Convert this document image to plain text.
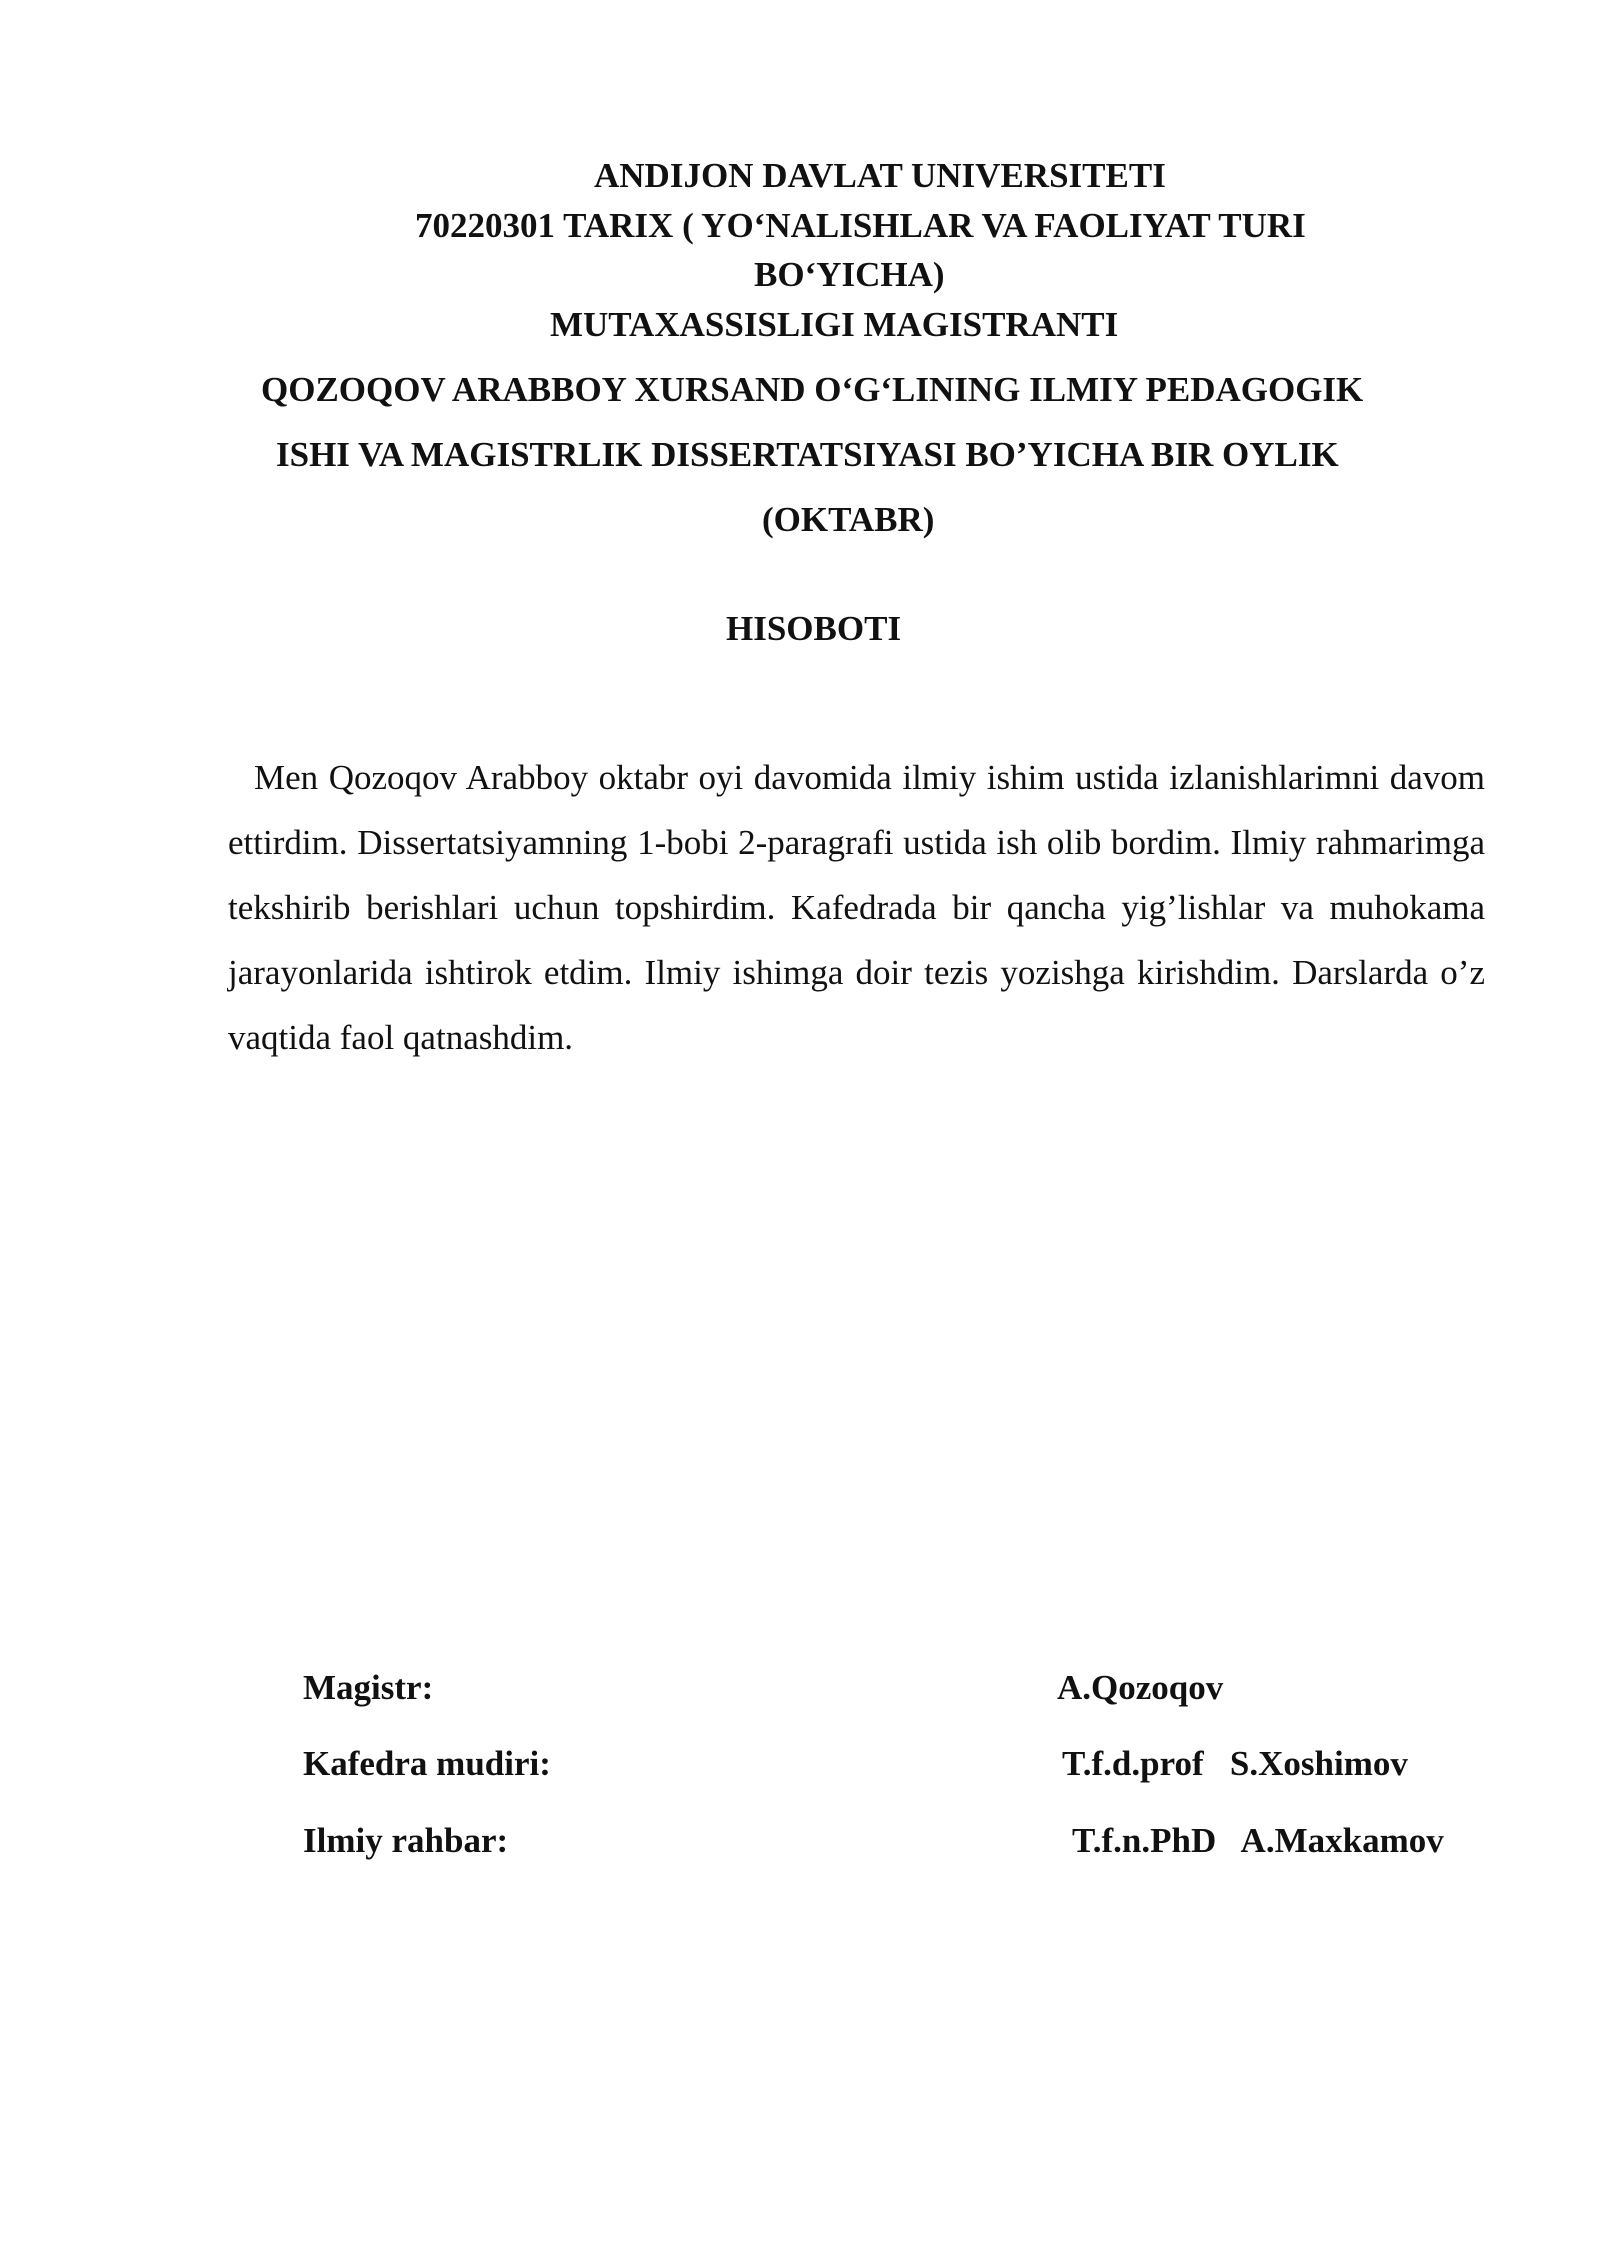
ANDIJON DAVLAT UNIVERSITETI
70220301 TARIX ( YO‘NALISHLAR VA FAOLIYAT TURI
BO‘YICHA)
MUTAXASSISLIGI MAGISTRANTI
QOZOQOV ARABBOY XURSAND O‘G‘LINING ILMIY PEDAGOGIK
ISHI VA MAGISTRLIK DISSERTATSIYASI BO’YICHA BIR OYLIK
(OKTABR)
HISOBOTI
Men Qozoqov Arabboy oktabr oyi davomida ilmiy ishim ustida izlanishlarimni davom ettirdim. Dissertatsiyamning 1-bobi 2-paragrafi ustida ish olib bordim. Ilmiy rahmarimga tekshirib berishlari uchun topshirdim. Kafedrada bir qancha yig’lishlar va muhokama jarayonlarida ishtirok etdim. Ilmiy ishimga doir tezis yozishga kirishdim. Darslarda o’z vaqtida faol qatnashdim.
Magistr:	A.Qozoqov
Kafedra mudiri:	T.f.d.prof   S.Xoshimov
Ilmiy rahbar:	T.f.n.PhD   A.Maxkamov
